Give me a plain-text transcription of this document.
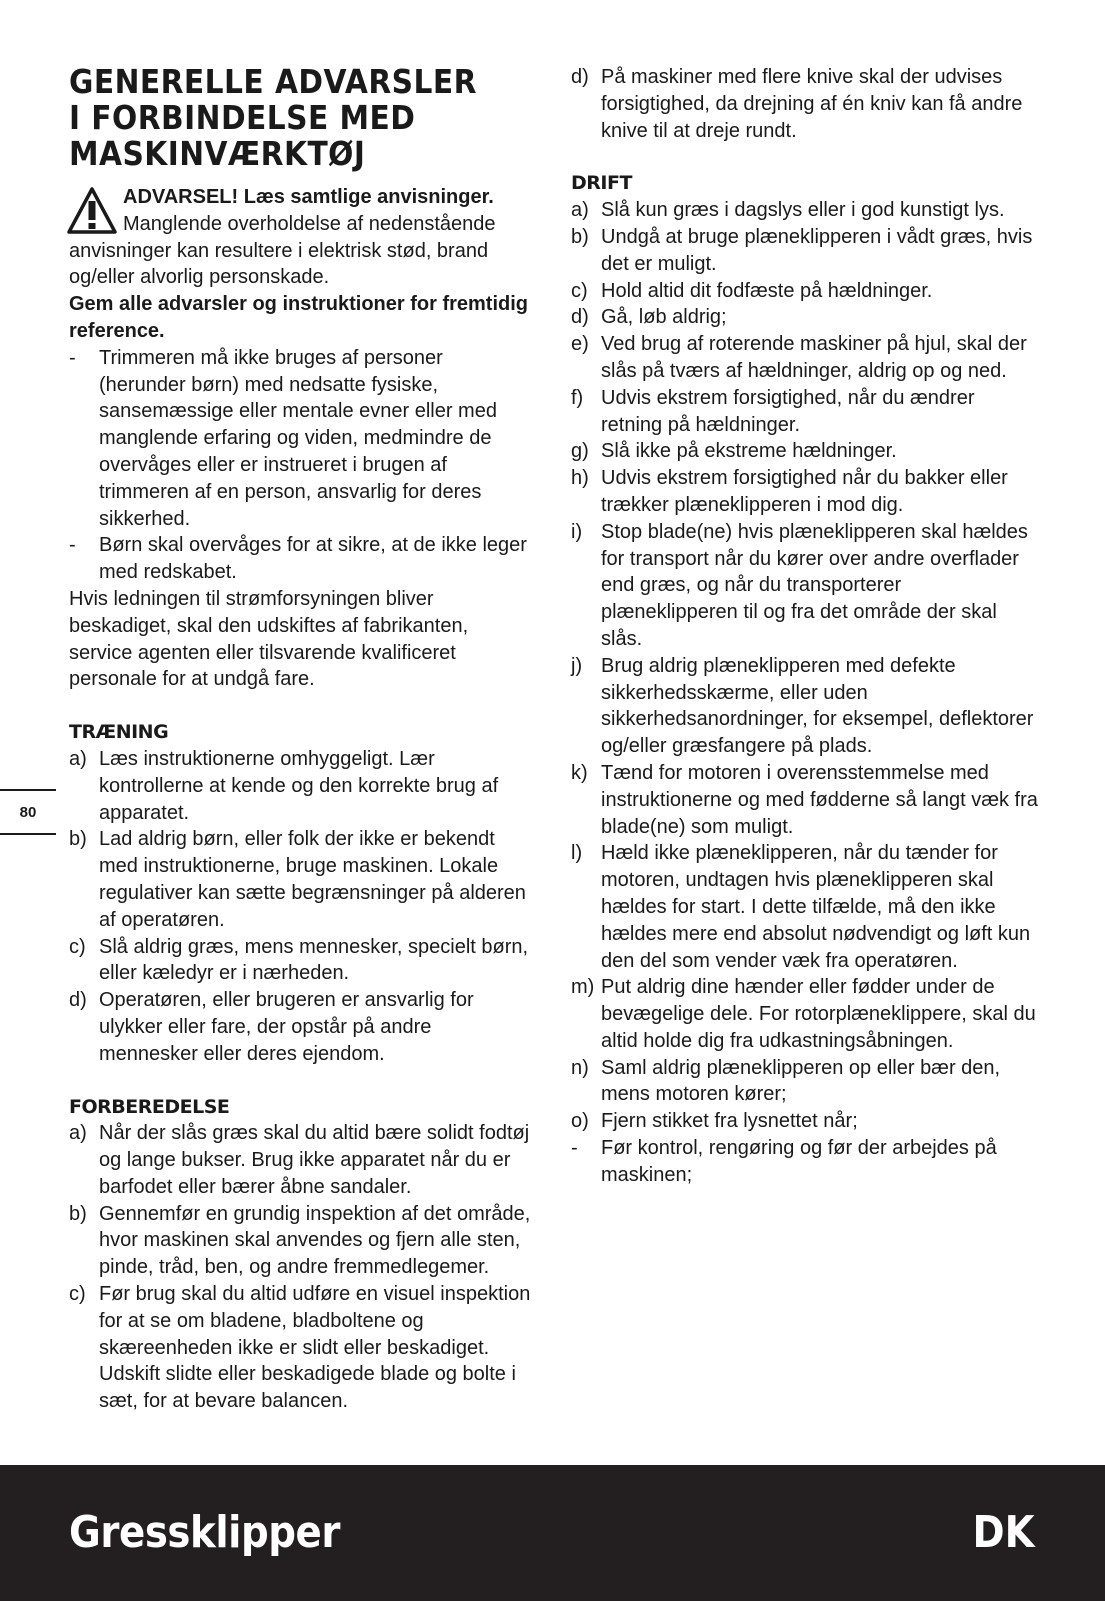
80
GENERELLE ADVARSLER
I FORBINDELSE MED
MASKINVÆRKTØJ

ADVARSEL! Læs samtlige anvisninger. Manglende overholdelse af nedenstående anvisninger kan resultere i elektrisk stød, brand og/eller alvorlig personskade.

Gem alle advarsler og instruktioner for fremtidig reference.

- Trimmeren må ikke bruges af personer (herunder børn) med nedsatte fysiske, sansemæssige eller mentale evner eller med manglende erfaring og viden, medmindre de overvåges eller er instrueret i brugen af trimmeren af en person, ansvarlig for deres sikkerhed.
- Børn skal overvåges for at sikre, at de ikke leger med redskabet.

Hvis ledningen til strømforsyningen bliver beskadiget, skal den udskiftes af fabrikanten, service agenten eller tilsvarende kvalificeret personale for at undgå fare.

TRÆNING
a) Læs instruktionerne omhyggeligt. Lær kontrollerne at kende og den korrekte brug af apparatet.
b) Lad aldrig børn, eller folk der ikke er bekendt med instruktionerne, bruge maskinen. Lokale regulativer kan sætte begrænsninger på alderen af operatøren.
c) Slå aldrig græs, mens mennesker, specielt børn, eller kæledyr er i nærheden.
d) Operatøren, eller brugeren er ansvarlig for ulykker eller fare, der opstår på andre mennesker eller deres ejendom.
FORBEREDELSE
a) Når der slås græs skal du altid bære solidt fodtøj og lange bukser. Brug ikke apparatet når du er barfodet eller bærer åbne sandaler.
b) Gennemfør en grundig inspektion af det område, hvor maskinen skal anvendes og fjern alle sten, pinde, tråd, ben, og andre fremmedlegemer.
c) Før brug skal du altid udføre en visuel inspektion for at se om bladene, bladboltene og skæreenheden ikke er slidt eller beskadiget. Udskift slidte eller beskadigede blade og bolte i sæt, for at bevare balancen.
d) På maskiner med flere knive skal der udvises forsigtighed, da drejning af én kniv kan få andre knive til at dreje rundt.
DRIFT
a) Slå kun græs i dagslys eller i god kunstigt lys.
b) Undgå at bruge plæneklipperen i vådt græs, hvis det er muligt.
c) Hold altid dit fodfæste på hældninger.
d) Gå, løb aldrig;
e) Ved brug af roterende maskiner på hjul, skal der slås på tværs af hældninger, aldrig op og ned.
f) Udvis ekstrem forsigtighed, når du ændrer retning på hældninger.
g) Slå ikke på ekstreme hældninger.
h) Udvis ekstrem forsigtighed når du bakker eller trækker plæneklipperen i mod dig.
i) Stop blade(ne) hvis plæneklipperen skal hældes for transport når du kører over andre overflader end græs, og når du transporterer plæneklipperen til og fra det område der skal slås.
j) Brug aldrig plæneklipperen med defekte sikkerhedsskærme, eller uden sikkerhedsanordninger, for eksempel, deflektorer og/eller græsfangere på plads.
k) Tænd for motoren i overensstemmelse med instruktionerne og med fødderne så langt væk fra blade(ne) som muligt.
l) Hæld ikke plæneklipperen, når du tænder for motoren, undtagen hvis plæneklipperen skal hældes for start. I dette tilfælde, må den ikke hældes mere end absolut nødvendigt og løft kun den del som vender væk fra operatøren.
m) Put aldrig dine hænder eller fødder under de bevægelige dele. For rotorplæneklipperе, skal du altid holde dig fra udkastningsåbningen.
n) Saml aldrig plæneklipperen op eller bær den, mens motoren kører;
o) Fjern stikket fra lysnettet når;
- Før kontrol, rengøring og før der arbejdes på maskinen;
Gressklipper	DK
